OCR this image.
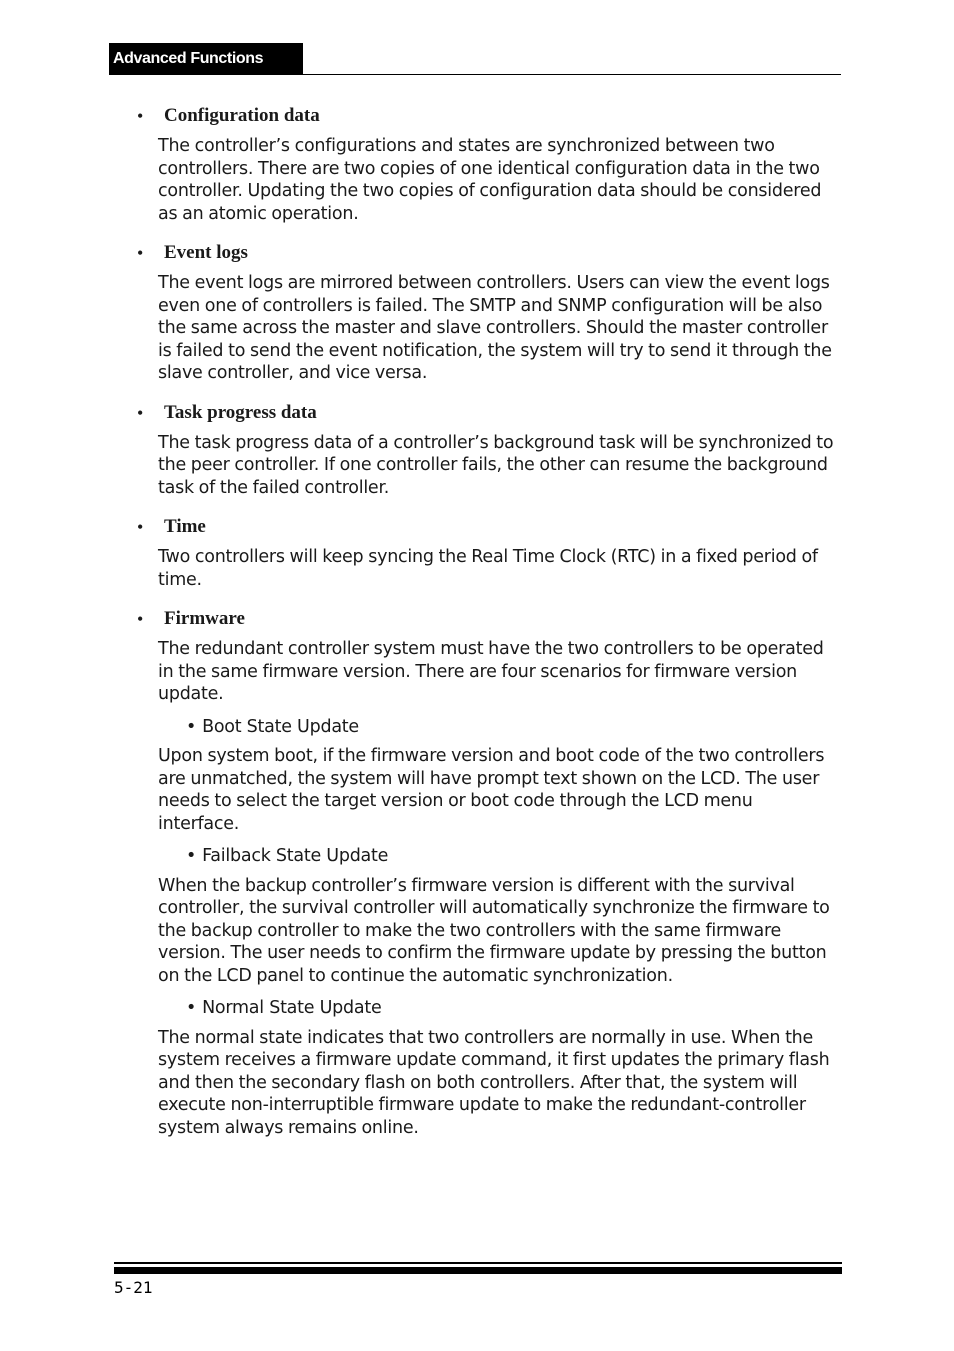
Advanced Functions
• Configuration data

The controller’s configurations and states are synchronized between two controllers. There are two copies of one identical configuration data in the two controller. Updating the two copies of configuration data should be considered as an atomic operation.

• Event logs

The event logs are mirrored between controllers. Users can view the event logs even one of controllers is failed. The SMTP and SNMP configuration will be also the same across the master and slave controllers. Should the master controller is failed to send the event notification, the system will try to send it through the slave controller, and vice versa.

• Task progress data

The task progress data of a controller’s background task will be synchronized to the peer controller. If one controller fails, the other can resume the background task of the failed controller.

• Time

Two controllers will keep syncing the Real Time Clock (RTC) in a fixed period of time.

• Firmware

The redundant controller system must have the two controllers to be operated in the same firmware version. There are four scenarios for firmware version update.

• Boot State Update

Upon system boot, if the firmware version and boot code of the two controllers are unmatched, the system will have prompt text shown on the LCD. The user needs to select the target version or boot code through the LCD menu interface.

• Failback State Update

When the backup controller’s firmware version is different with the survival controller, the survival controller will automatically synchronize the firmware to the backup controller to make the two controllers with the same firmware version. The user needs to confirm the firmware update by pressing the button on the LCD panel to continue the automatic synchronization.

• Normal State Update

The normal state indicates that two controllers are normally in use. When the system receives a firmware update command, it first updates the primary flash and then the secondary flash on both controllers. After that, the system will execute non-interruptible firmware update to make the redundant-controller system always remains online.

5-21
